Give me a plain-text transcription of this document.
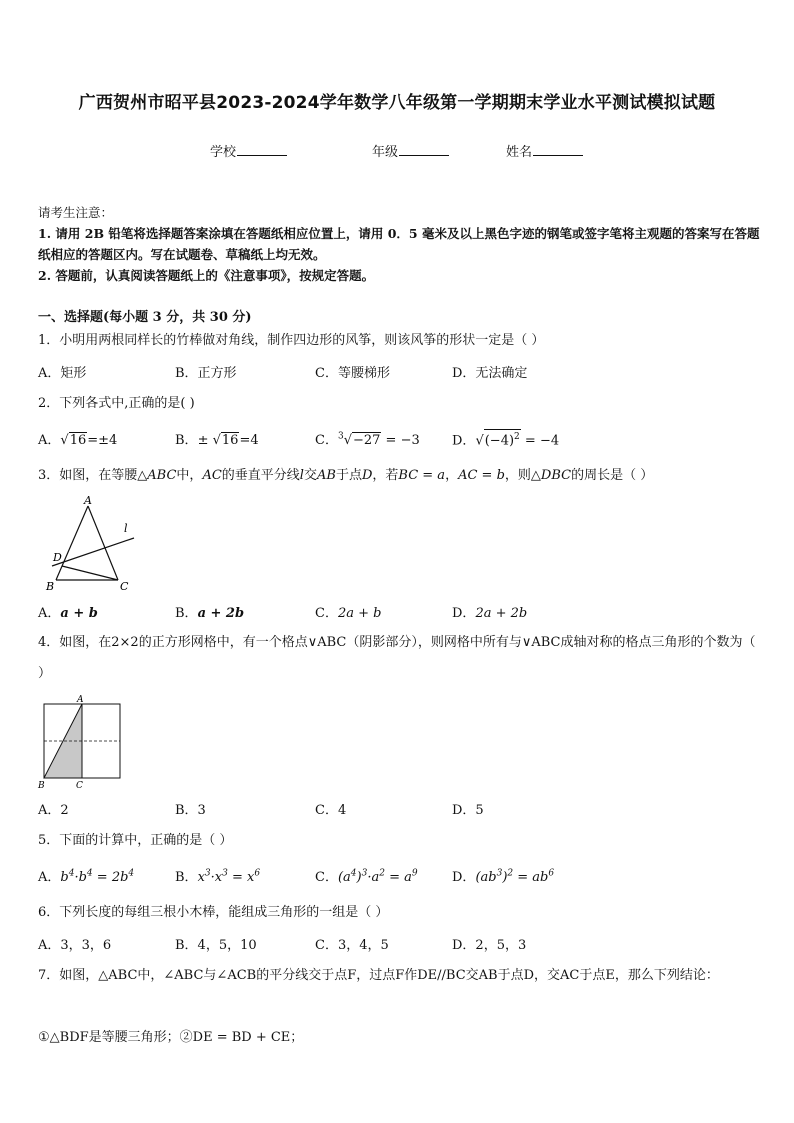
广西贺州市昭平县2023-2024学年数学八年级第一学期期末学业水平测试模拟试题
学校	年级	姓名
请考生注意：
1. 请用 2B 铅笔将选择题答案涂填在答题纸相应位置上，请用 0．5 毫米及以上黑色字迹的钢笔或签字笔将主观题的答案写在答题纸相应的答题区内。写在试题卷、草稿纸上均无效。
2. 答题前，认真阅读答题纸上的《注意事项》，按规定答题。
一、选择题(每小题 3 分，共 30 分)
1．小明用两根同样长的竹棒做对角线，制作四边形的风筝，则该风筝的形状一定是（ ）
A．矩形	B．正方形	C．等腰梯形	D．无法确定
2．下列各式中,正确的是( )
A．√16=±4	B．± √16=4	C．$^3$√−27 = −3 D．$√(-4)^2 = -4$
3．如图，在等腰△ABC中，AC的垂直平分线l交AB于点D，若BC = a，AC = b，则△DBC的周长是（ ）
A
B	C
D
l
A．a + b	B．a + 2b	C．2a + b	D．2a + 2b
4．如图，在2×2的正方形网格中，有一个格点∨ABC（阴影部分），则网格中所有与∨ABC成轴对称的格点三角形的个数为（ ）
A
B	C
A．2	B．3	C．4	D．5
5．下面的计算中，正确的是（ ）
A．$b^4\cdot b^4 = 2b^4$	B．$x^3\cdot x^3 = x^6$	C．$(a^4)^3\cdot a^2 = a^9$	D．$(ab^3)^2 = ab^6$
6．下列长度的每组三根小木棒，能组成三角形的一组是（ ）
A．3，3，6	B．4，5，10	C．3，4，5	D．2，5，3
7．如图，△ABC中，∠ABC与∠ACB的平分线交于点F，过点F作DE//BC交AB于点D，交AC于点E，那么下列结论：
①△BDF是等腰三角形；②DE = BD + CE；
